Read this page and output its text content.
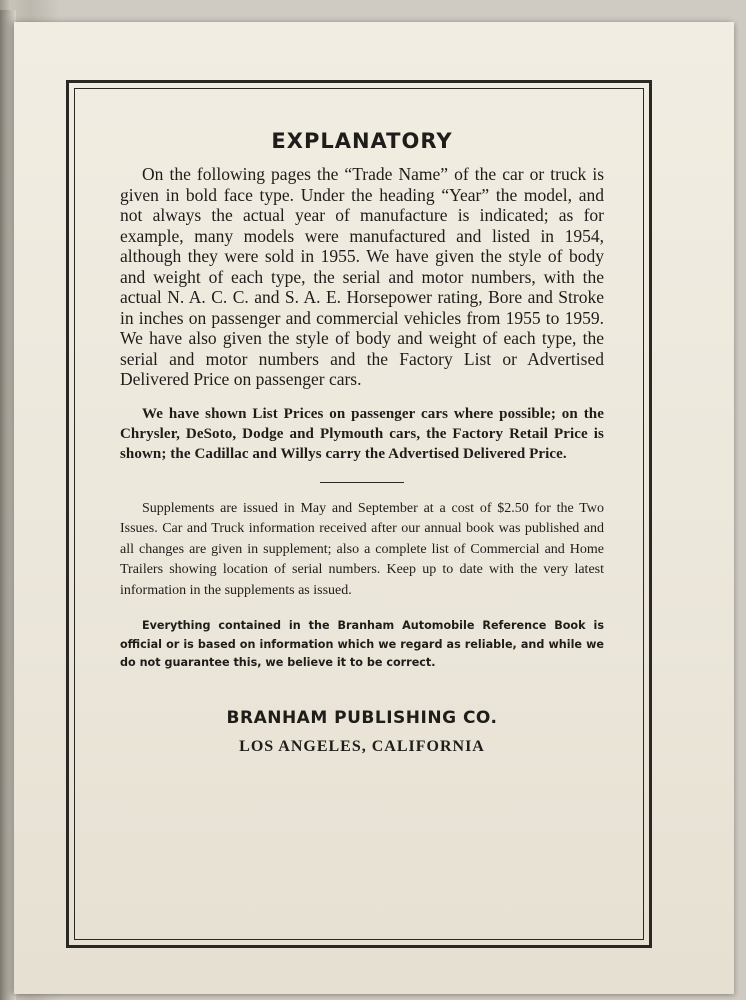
EXPLANATORY

On the following pages the “Trade Name” of the car or truck is given in bold face type. Under the heading “Year” the model, and not always the actual year of manufacture is indicated; as for example, many models were manufactured and listed in 1954, although they were sold in 1955. We have given the style of body and weight of each type, the serial and motor numbers, with the actual N. A. C. C. and S. A. E. Horsepower rating, Bore and Stroke in inches on passenger and commercial vehicles from 1955 to 1959. We have also given the style of body and weight of each type, the serial and motor numbers and the Factory List or Advertised Delivered Price on passenger cars.

We have shown List Prices on passenger cars where possible; on the Chrysler, DeSoto, Dodge and Plymouth cars, the Factory Retail Price is shown; the Cadillac and Willys carry the Advertised Delivered Price.

Supplements are issued in May and September at a cost of $2.50 for the Two Issues. Car and Truck information received after our annual book was published and all changes are given in supplement; also a complete list of Commercial and Home Trailers showing location of serial numbers. Keep up to date with the very latest information in the supplements as issued.

Everything contained in the Branham Automobile Reference Book is official or is based on information which we regard as reliable, and while we do not guarantee this, we believe it to be correct.

BRANHAM PUBLISHING CO.
LOS ANGELES, CALIFORNIA
